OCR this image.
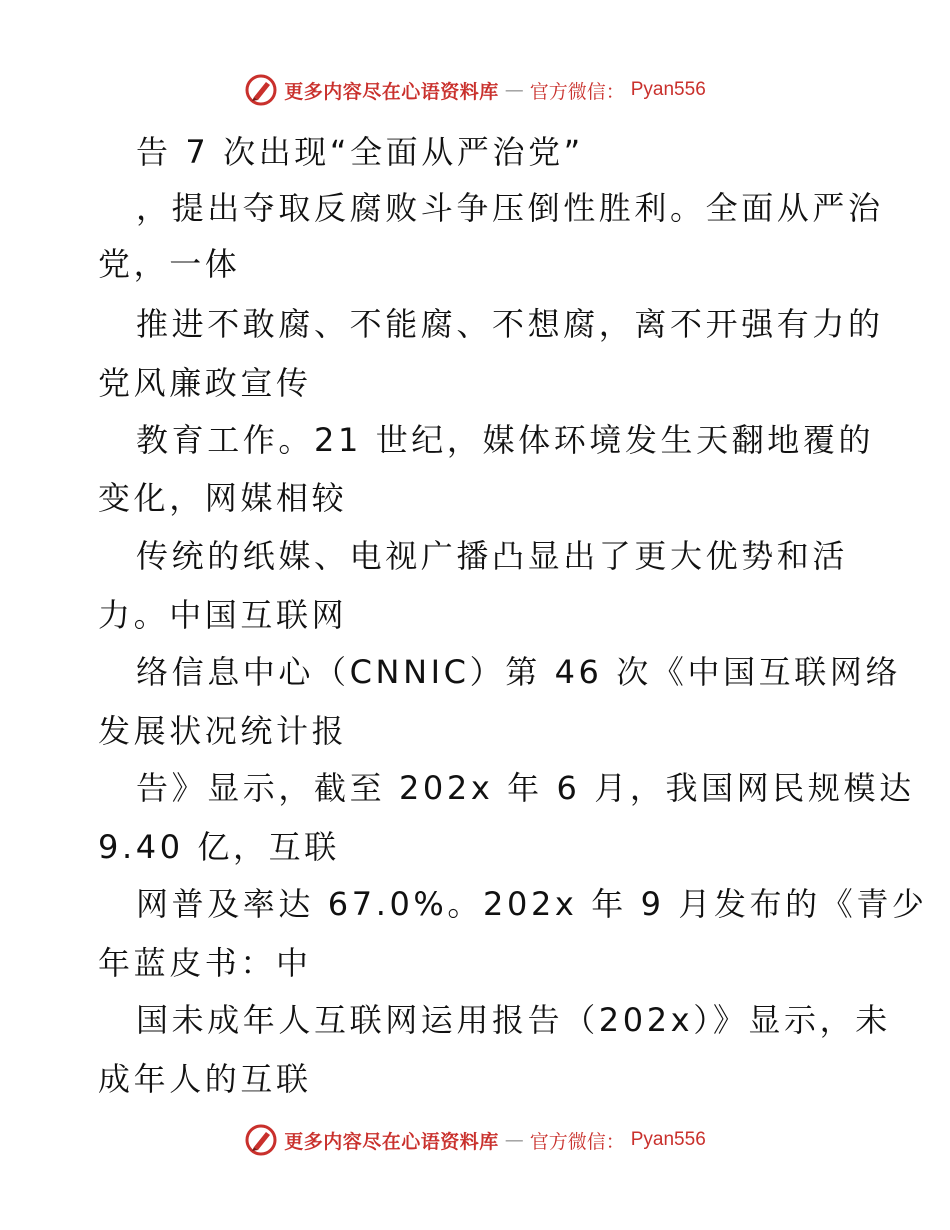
更多内容尽在心语资料库 — 官方微信： Pyan556
告 7 次出现“全面从严治党”
，提出夺取反腐败斗争压倒性胜利。全面从严治
党，一体
推进不敢腐、不能腐、不想腐，离不开强有力的
党风廉政宣传
教育工作。21 世纪，媒体环境发生天翻地覆的
变化，网媒相较
传统的纸媒、电视广播凸显出了更大优势和活
力。中国互联网
络信息中心（CNNIC）第 46 次《中国互联网络
发展状况统计报
告》显示，截至 202x 年 6 月，我国网民规模达
9.40 亿，互联
网普及率达 67.0%。202x 年 9 月发布的《青少
年蓝皮书：中
国未成年人互联网运用报告（202x）》显示，未
成年人的互联
更多内容尽在心语资料库 — 官方微信： Pyan556
